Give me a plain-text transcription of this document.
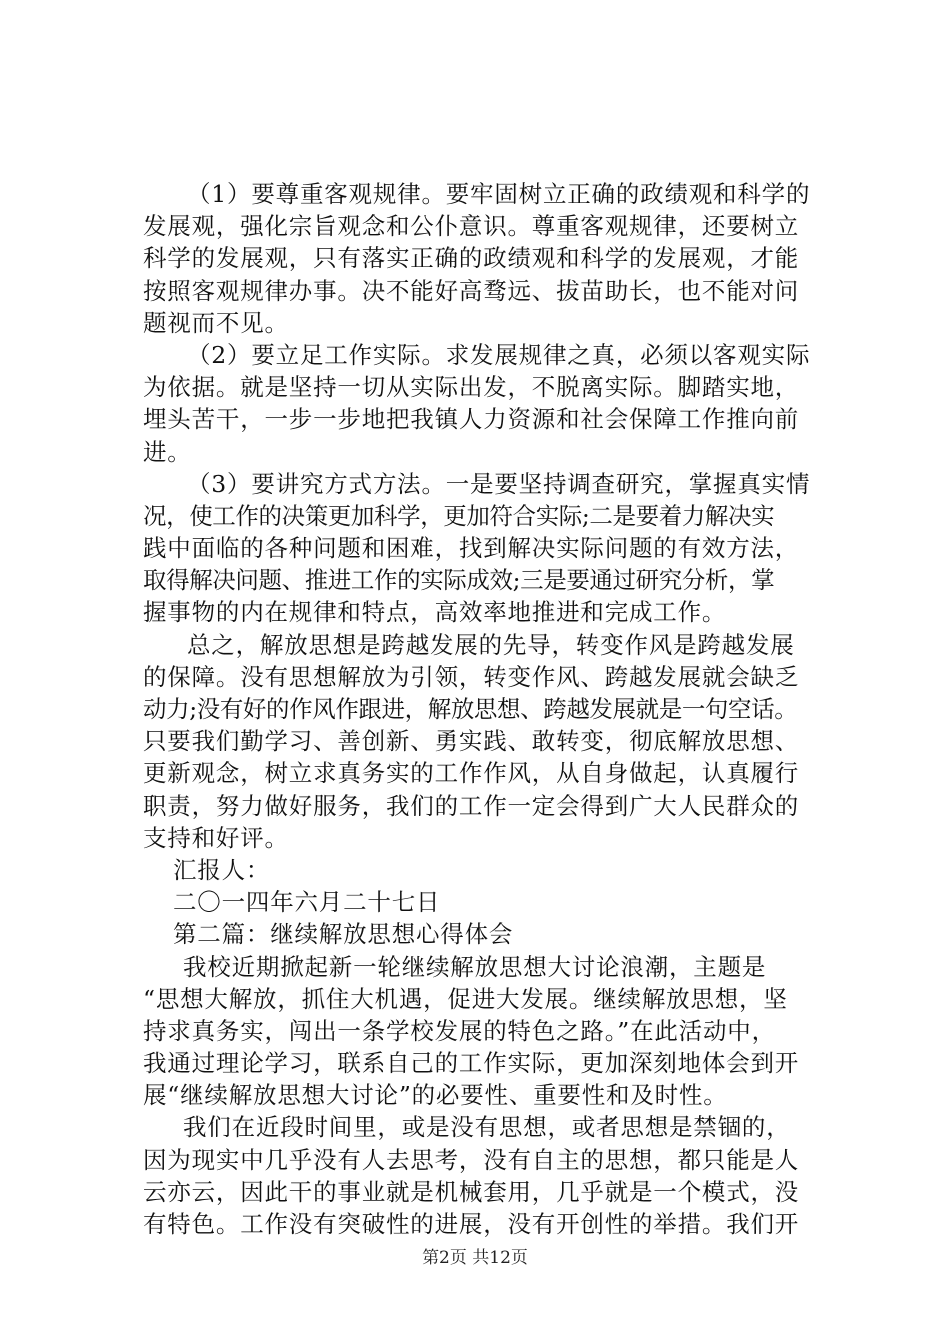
（1）要尊重客观规律。要牢固树立正确的政绩观和科学的
发展观，强化宗旨观念和公仆意识。尊重客观规律，还要树立
科学的发展观，只有落实正确的政绩观和科学的发展观，才能
按照客观规律办事。决不能好高骛远、拔苗助长，也不能对问
题视而不见。
（2）要立足工作实际。求发展规律之真，必须以客观实际
为依据。就是坚持一切从实际出发，不脱离实际。脚踏实地，
埋头苦干，一步一步地把我镇人力资源和社会保障工作推向前
进。
（3）要讲究方式方法。一是要坚持调查研究，掌握真实情
况，使工作的决策更加科学，更加符合实际;二是要着力解决实
践中面临的各种问题和困难，找到解决实际问题的有效方法，
取得解决问题、推进工作的实际成效;三是要通过研究分析，掌
握事物的内在规律和特点，高效率地推进和完成工作。
总之，解放思想是跨越发展的先导，转变作风是跨越发展
的保障。没有思想解放为引领，转变作风、跨越发展就会缺乏
动力;没有好的作风作跟进，解放思想、跨越发展就是一句空话。
只要我们勤学习、善创新、勇实践、敢转变，彻底解放思想、
更新观念，树立求真务实的工作作风，从自身做起，认真履行
职责，努力做好服务，我们的工作一定会得到广大人民群众的
支持和好评。
汇报人：
二〇一四年六月二十七日
第二篇：继续解放思想心得体会
我校近期掀起新一轮继续解放思想大讨论浪潮，主题是
“思想大解放，抓住大机遇，促进大发展。继续解放思想，坚
持求真务实，闯出一条学校发展的特色之路。”在此活动中，
我通过理论学习，联系自己的工作实际，更加深刻地体会到开
展“继续解放思想大讨论”的必要性、重要性和及时性。
我们在近段时间里，或是没有思想，或者思想是禁锢的，
因为现实中几乎没有人去思考，没有自主的思想，都只能是人
云亦云，因此干的事业就是机械套用，几乎就是一个模式，没
有特色。工作没有突破性的进展，没有开创性的举措。我们开
第2页 共12页
